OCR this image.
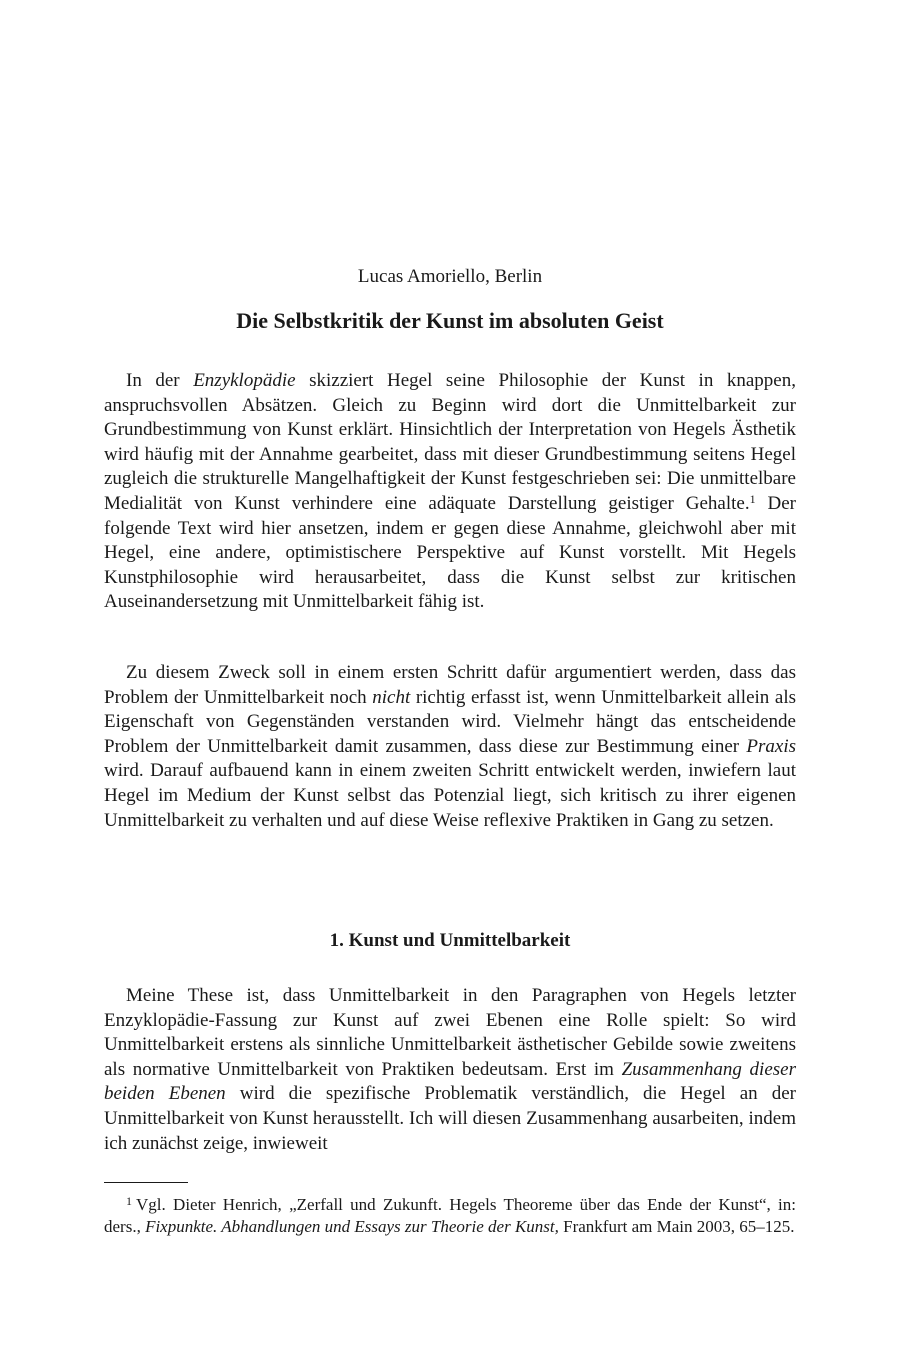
Lucas Amoriello, Berlin
Die Selbstkritik der Kunst im absoluten Geist

In der Enzyklopädie skizziert Hegel seine Philosophie der Kunst in knappen, anspruchsvollen Absätzen. Gleich zu Beginn wird dort die Unmittelbarkeit zur Grundbestimmung von Kunst erklärt. Hinsichtlich der Interpretation von Hegels Ästhetik wird häufig mit der Annahme gearbeitet, dass mit dieser Grundbestimmung seitens Hegel zugleich die strukturelle Mangelhaftigkeit der Kunst festgeschrieben sei: Die unmittelbare Medialität von Kunst verhindere eine adäquate Darstellung geistiger Gehalte.$^1$ Der folgende Text wird hier ansetzen, indem er gegen diese Annahme, gleichwohl aber mit Hegel, eine andere, optimistischere Perspektive auf Kunst vorstellt. Mit Hegels Kunstphilosophie wird herausarbeitet, dass die Kunst selbst zur kritischen Auseinandersetzung mit Unmittelbarkeit fähig ist.

Zu diesem Zweck soll in einem ersten Schritt dafür argumentiert werden, dass das Problem der Unmittelbarkeit noch nicht richtig erfasst ist, wenn Unmittelbarkeit allein als Eigenschaft von Gegenständen verstanden wird. Vielmehr hängt das entscheidende Problem der Unmittelbarkeit damit zusammen, dass diese zur Bestimmung einer Praxis wird. Darauf aufbauend kann in einem zweiten Schritt entwickelt werden, inwiefern laut Hegel im Medium der Kunst selbst das Potenzial liegt, sich kritisch zu ihrer eigenen Unmittelbarkeit zu verhalten und auf diese Weise reflexive Praktiken in Gang zu setzen.

1. Kunst und Unmittelbarkeit

Meine These ist, dass Unmittelbarkeit in den Paragraphen von Hegels letzter Enzyklopädie-Fassung zur Kunst auf zwei Ebenen eine Rolle spielt: So wird Unmittelbarkeit erstens als sinnliche Unmittelbarkeit ästhetischer Gebilde sowie zweitens als normative Unmittelbarkeit von Praktiken bedeutsam. Erst im Zusammenhang dieser beiden Ebenen wird die spezifische Problematik verständlich, die Hegel an der Unmittelbarkeit von Kunst herausstellt. Ich will diesen Zusammenhang ausarbeiten, indem ich zunächst zeige, inwieweit

$^1$ Vgl. Dieter Henrich, „Zerfall und Zukunft. Hegels Theoreme über das Ende der Kunst“, in: ders., Fixpunkte. Abhandlungen und Essays zur Theorie der Kunst, Frankfurt am Main 2003, 65–125.
